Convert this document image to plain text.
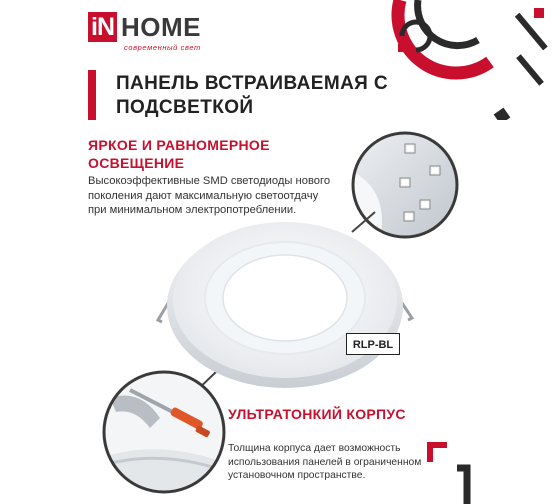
iN HOME
современный свет
ПАНЕЛЬ ВСТРАИВАЕМАЯ С ПОДСВЕТКОЙ
ЯРКОЕ И РАВНОМЕРНОЕ ОСВЕЩЕНИЕ
Высокоэффективные SMD светодиоды нового поколения дают максимальную светоотдачу при минимальном электропотреблении.
RLP-BL
УЛЬТРАТОНКИЙ КОРПУС
Толщина корпуса дает возможность использования панелей в ограниченном установочном пространстве.
